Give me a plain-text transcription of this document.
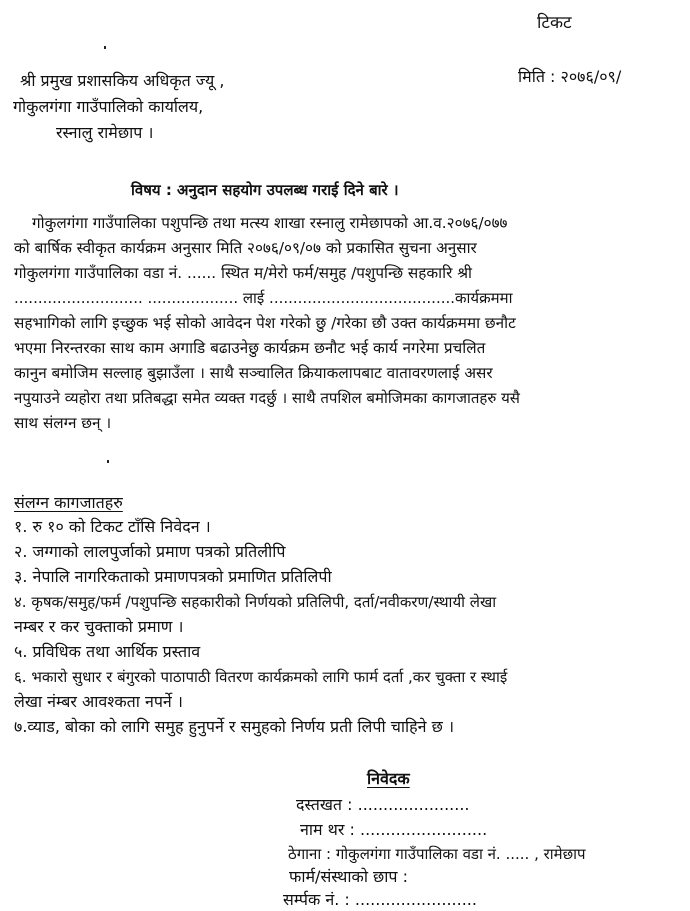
टिकट
मिति : २०७६/०९/
श्री प्रमुख प्रशासकिय अधिकृत ज्यू ,
गोकुलगंगा गाउँपालिको कार्यालय,
रस्नालु रामेछाप ।
विषय : अनुदान सहयोग उपलब्ध गराई दिने बारे ।
गोकुलगंगा गाउँपालिका पशुपन्छि तथा मत्स्य शाखा रस्नालु रामेछापको आ.व.२०७६/०७७
को बार्षिक स्वीकृत कार्यक्रम अनुसार मिति २०७६/०९/०७ को प्रकासित सुचना अनुसार
गोकुलगंगा गाउँपालिका वडा नं. ...... स्थित म/मेरो फर्म/समुह /पशुपन्छि सहकारि श्री
........................... ................... लाई .......................................कार्यक्रममा
सहभागिको लागि इच्छुक भई सोको आवेदन पेश गरेको छु /गरेका छौ उक्त कार्यक्रममा छनौट
भएमा निरन्तरका साथ काम अगाडि बढाउनेछु कार्यक्रम छनौट भई कार्य नगरेमा प्रचलित
कानुन बमोजिम सल्लाह बुझाउँला । साथै सञ्चालित क्रियाकलापबाट वातावरणलाई असर
नपुयाउने व्यहोरा तथा प्रतिबद्धा समेत व्यक्त गदर्छु । साथै तपशिल बमोजिमका कागजातहरु यसै
साथ संलग्न छन् ।
संलग्न कागजातहरु
१. रु १० को टिकट टाँसि निवेदन ।
२. जग्गाको लालपुर्जाको प्रमाण पत्रको प्रतिलीपि
३. नेपालि नागरिकताको प्रमाणपत्रको प्रमाणित प्रतिलिपी
४. कृषक/समुह/फर्म /पशुपन्छि सहकारीको निर्णयको प्रतिलिपी, दर्ता/नवीकरण/स्थायी लेखा
नम्बर र कर चुक्ताको प्रमाण ।
५. प्रविधिक तथा आर्थिक प्रस्ताव
६. भकारो सुधार र बंगुरको पाठापाठी वितरण कार्यक्रमको लागि फार्म दर्ता ,कर चुक्ता र स्थाई
लेखा नंम्बर आवश्कता नपर्ने ।
७.व्याड, बोका को लागि समुह हुनुपर्ने र समुहको निर्णय प्रती लिपी चाहिने छ ।
निवेदक
दस्तखत : ......................
नाम थर : .........................
ठेगाना : गोकुलगंगा गाउँपालिका वडा नं. ..... , रामेछाप
फार्म/संस्थाको छाप :
सर्म्पक नं. : ........................
